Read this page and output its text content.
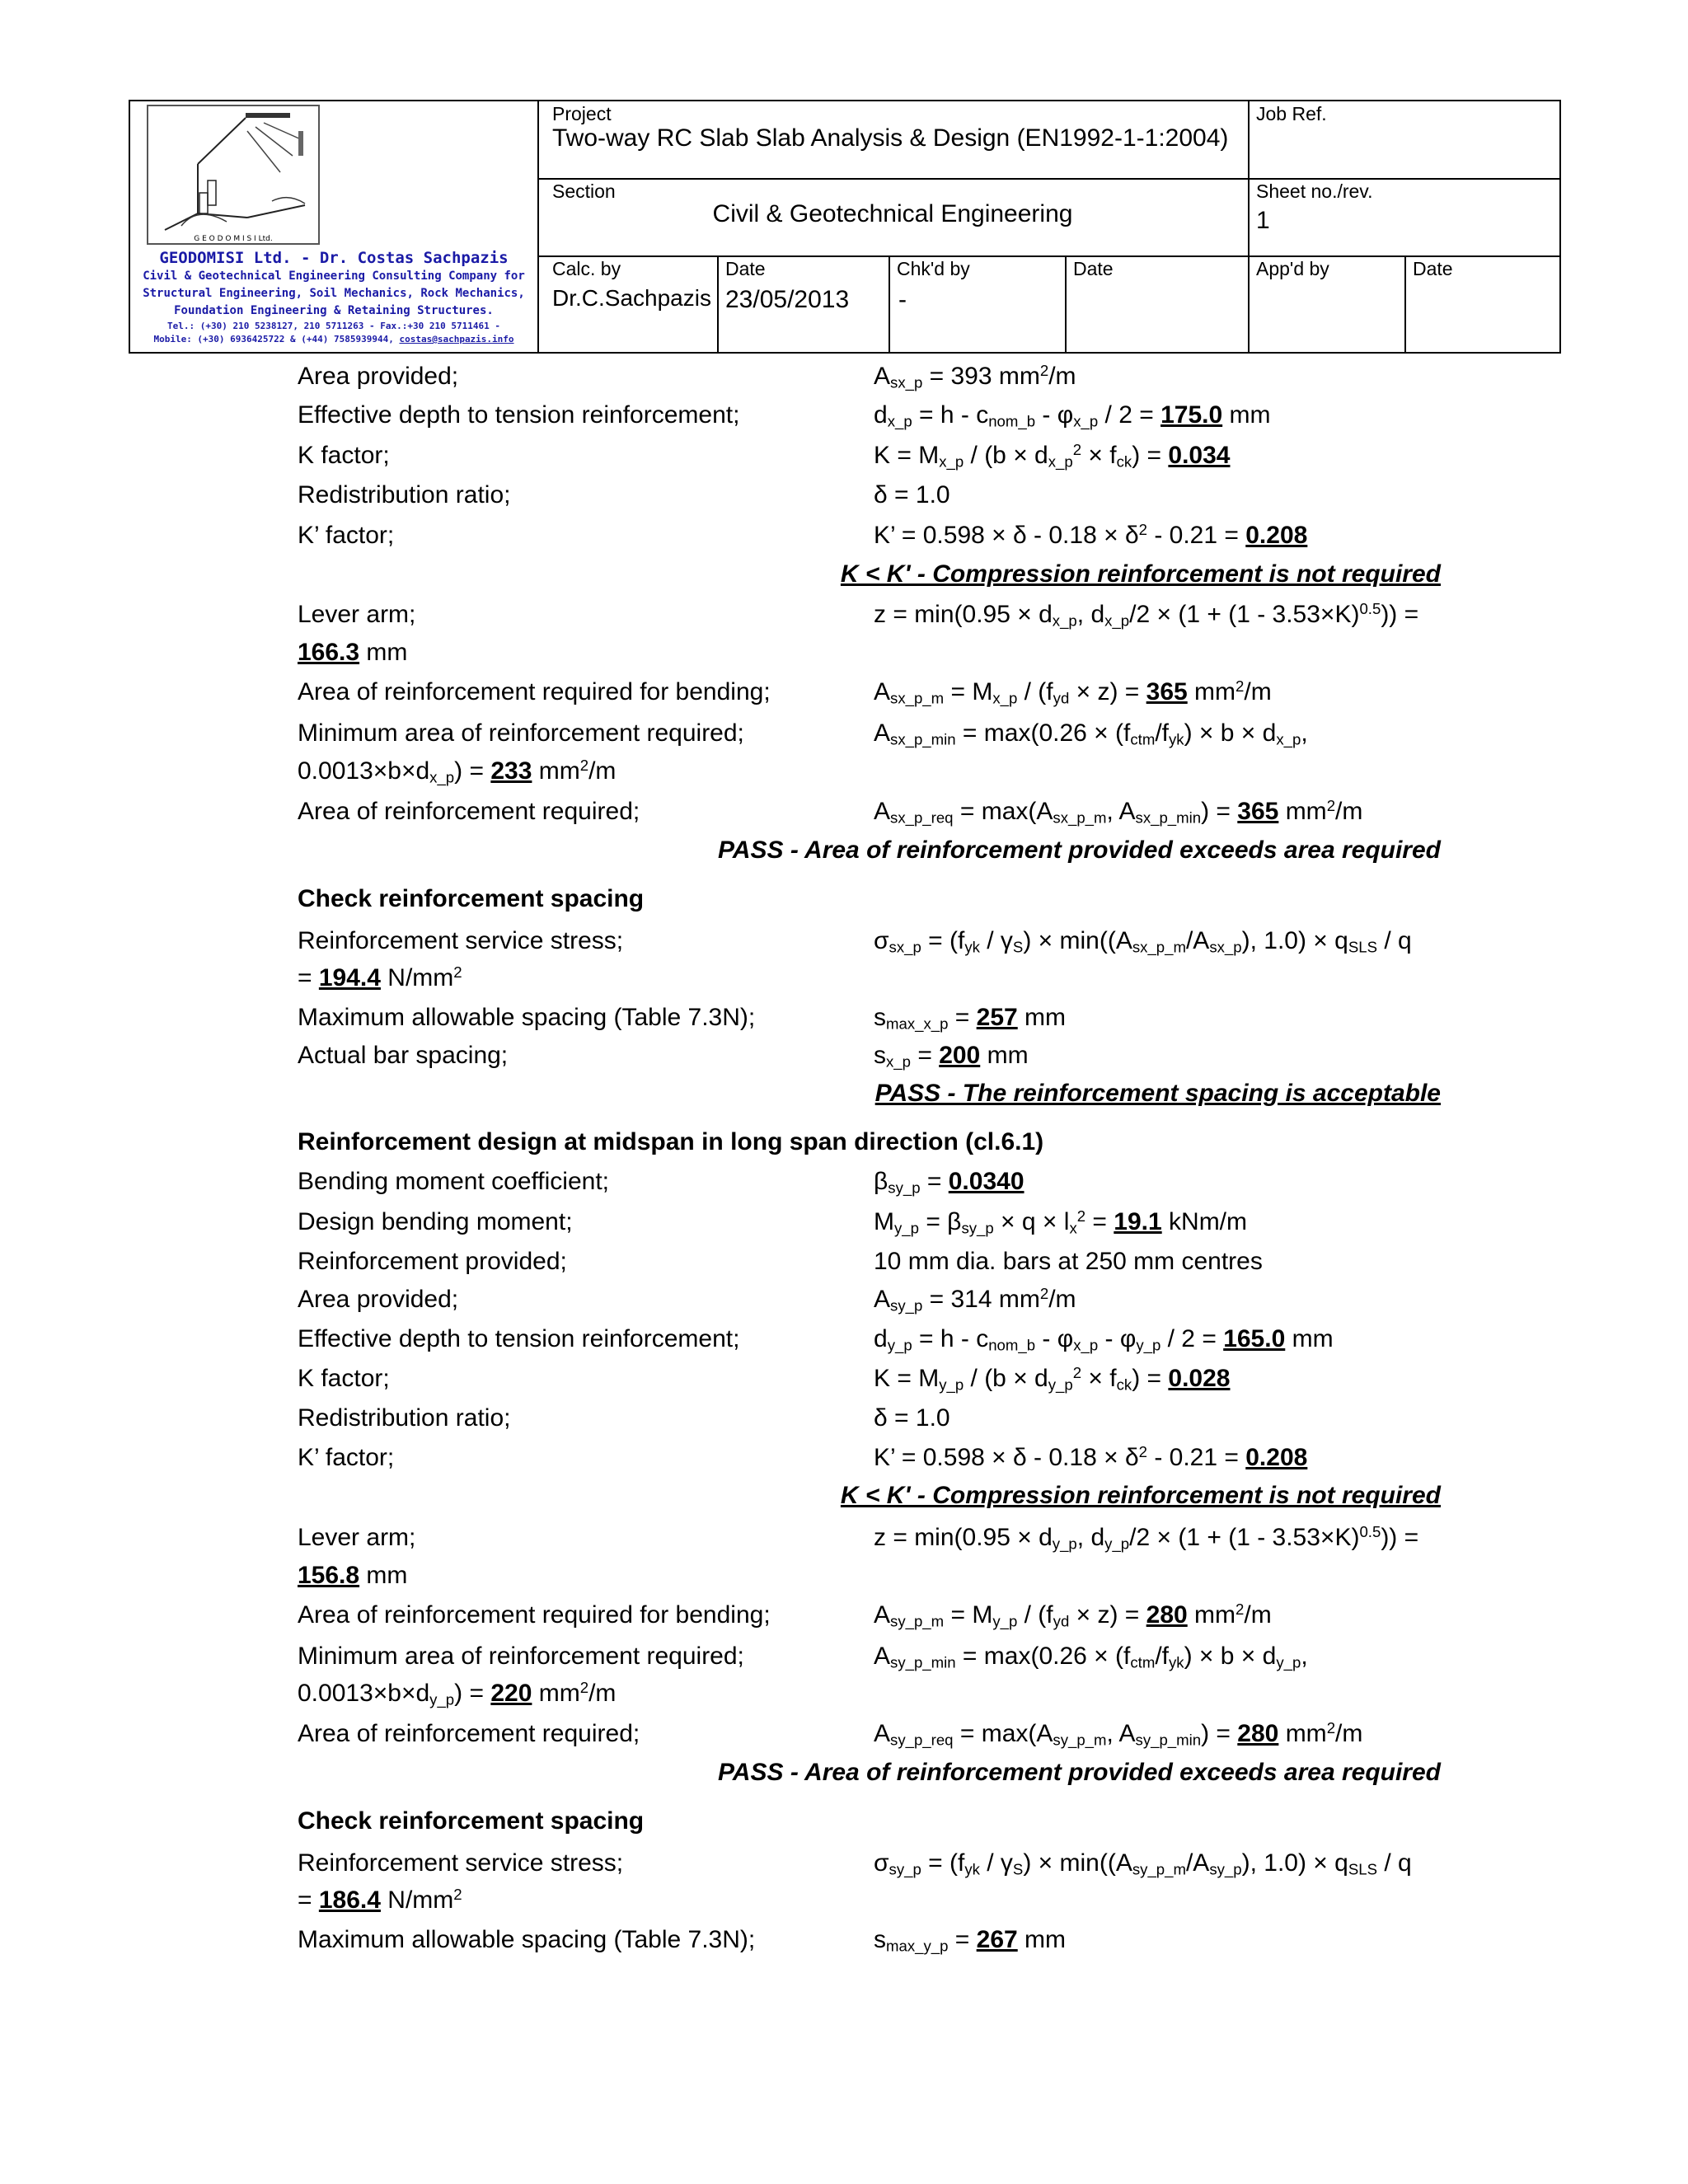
G E O D O M I S I Ltd.
GEODOMISI Ltd. - Dr. Costas Sachpazis
Civil & Geotechnical Engineering Consulting Company for
Structural Engineering, Soil Mechanics, Rock Mechanics,
Foundation Engineering & Retaining Structures.
Tel.: (+30) 210 5238127, 210 5711263 - Fax.:+30 210 5711461 -
Mobile: (+30) 6936425722 & (+44) 7585939944, costas@sachpazis.info
Project
Two-way RC Slab Slab Analysis & Design (EN1992-1-1:2004)
Job Ref.
Section
Civil & Geotechnical Engineering
Sheet no./rev.
1
Calc. by
Dr.C.Sachpazis
Date
23/05/2013
Chk'd by
-
Date	App'd by	Date
Area provided;	$A_{sx\_p} = 393$ $mm^2/m$
Effective depth to tension reinforcement;	$d_{x\_p} = h - c_{nom\_b} - \varphi_{x\_p} / 2 = 175.0$ mm
K factor;	$K = M_{x\_p} / (b \times d_{x\_p}^2 \times f_{ck}) = 0.034$
Redistribution ratio;	δ = 1.0
K’ factor;	K’ = $0.598 \times \delta - 0.18 \times \delta^2 - 0.21 = 0.208$
K < K' - Compression reinforcement is not required
Lever arm;	$z = \min(0.95 \times d_{x\_p}$, $d_{x\_p}/2 \times (1 + (1 - 3.53\times K)^{0.5})$) =
166.3 mm
Area of reinforcement required for bending;	$A_{sx\_p\_m} = M_{x\_p} / (f_{yd} \times z) = 365$ $mm^2/m$
Minimum area of reinforcement required;	$A_{sx\_p\_min} = \max(0.26 \times (f_{ctm}/f_{yk}) \times b \times d_{x\_p}$,
$0.0013\times b\times d_{x\_p}) = 233$ $mm^2/m$
Area of reinforcement required;	$A_{sx\_p\_req} = \max(A_{sx\_p\_m}$, $A_{sx\_p\_min}) = 365$ $mm^2/m$
PASS - Area of reinforcement provided exceeds area required
Check reinforcement spacing
Reinforcement service stress;	$\sigma_{sx\_p} = (f_{yk} / \gamma_S) \times \min((A_{sx\_p\_m}/A_{sx\_p})$, $1.0) \times q_{SLS} / q$
= 194.4 $N/mm^2$
Maximum allowable spacing (Table 7.3N);	$s_{max\_x\_p} = 257$ mm
Actual bar spacing;	$s_{x\_p} = 200$ mm
PASS - The reinforcement spacing is acceptable
Reinforcement design at midspan in long span direction (cl.6.1)
Bending moment coefficient;	$\beta_{sy\_p} = 0.0340$
Design bending moment;	$M_{y\_p} = \beta_{sy\_p} \times q \times l_x^2 = 19.1$ kNm/m
Reinforcement provided;	10 mm dia. bars at 250 mm centres
Area provided;	$A_{sy\_p} = 314$ $mm^2/m$
Effective depth to tension reinforcement;	$d_{y\_p} = h - c_{nom\_b} - \varphi_{x\_p} - \varphi_{y\_p} / 2 = 165.0$ mm
K factor;	$K = M_{y\_p} / (b \times d_{y\_p}^2 \times f_{ck}) = 0.028$
Redistribution ratio;	δ = 1.0
K’ factor;	K’ = $0.598 \times \delta - 0.18 \times \delta^2 - 0.21 = 0.208$
K < K' - Compression reinforcement is not required
Lever arm;	$z = \min(0.95 \times d_{y\_p}$, $d_{y\_p}/2 \times (1 + (1 - 3.53\times K)^{0.5})$) =
156.8 mm
Area of reinforcement required for bending;	$A_{sy\_p\_m} = M_{y\_p} / (f_{yd} \times z) = 280$ $mm^2/m$
Minimum area of reinforcement required;	$A_{sy\_p\_min} = \max(0.26 \times (f_{ctm}/f_{yk}) \times b \times d_{y\_p}$,
$0.0013\times b\times d_{y\_p}) = 220$ $mm^2/m$
Area of reinforcement required;	$A_{sy\_p\_req} = \max(A_{sy\_p\_m}$, $A_{sy\_p\_min}) = 280$ $mm^2/m$
PASS - Area of reinforcement provided exceeds area required
Check reinforcement spacing
Reinforcement service stress;	$\sigma_{sy\_p} = (f_{yk} / \gamma_S) \times \min((A_{sy\_p\_m}/A_{sy\_p})$, $1.0) \times q_{SLS} / q$
= 186.4 $N/mm^2$
Maximum allowable spacing (Table 7.3N);	$s_{max\_y\_p} = 267$ mm
